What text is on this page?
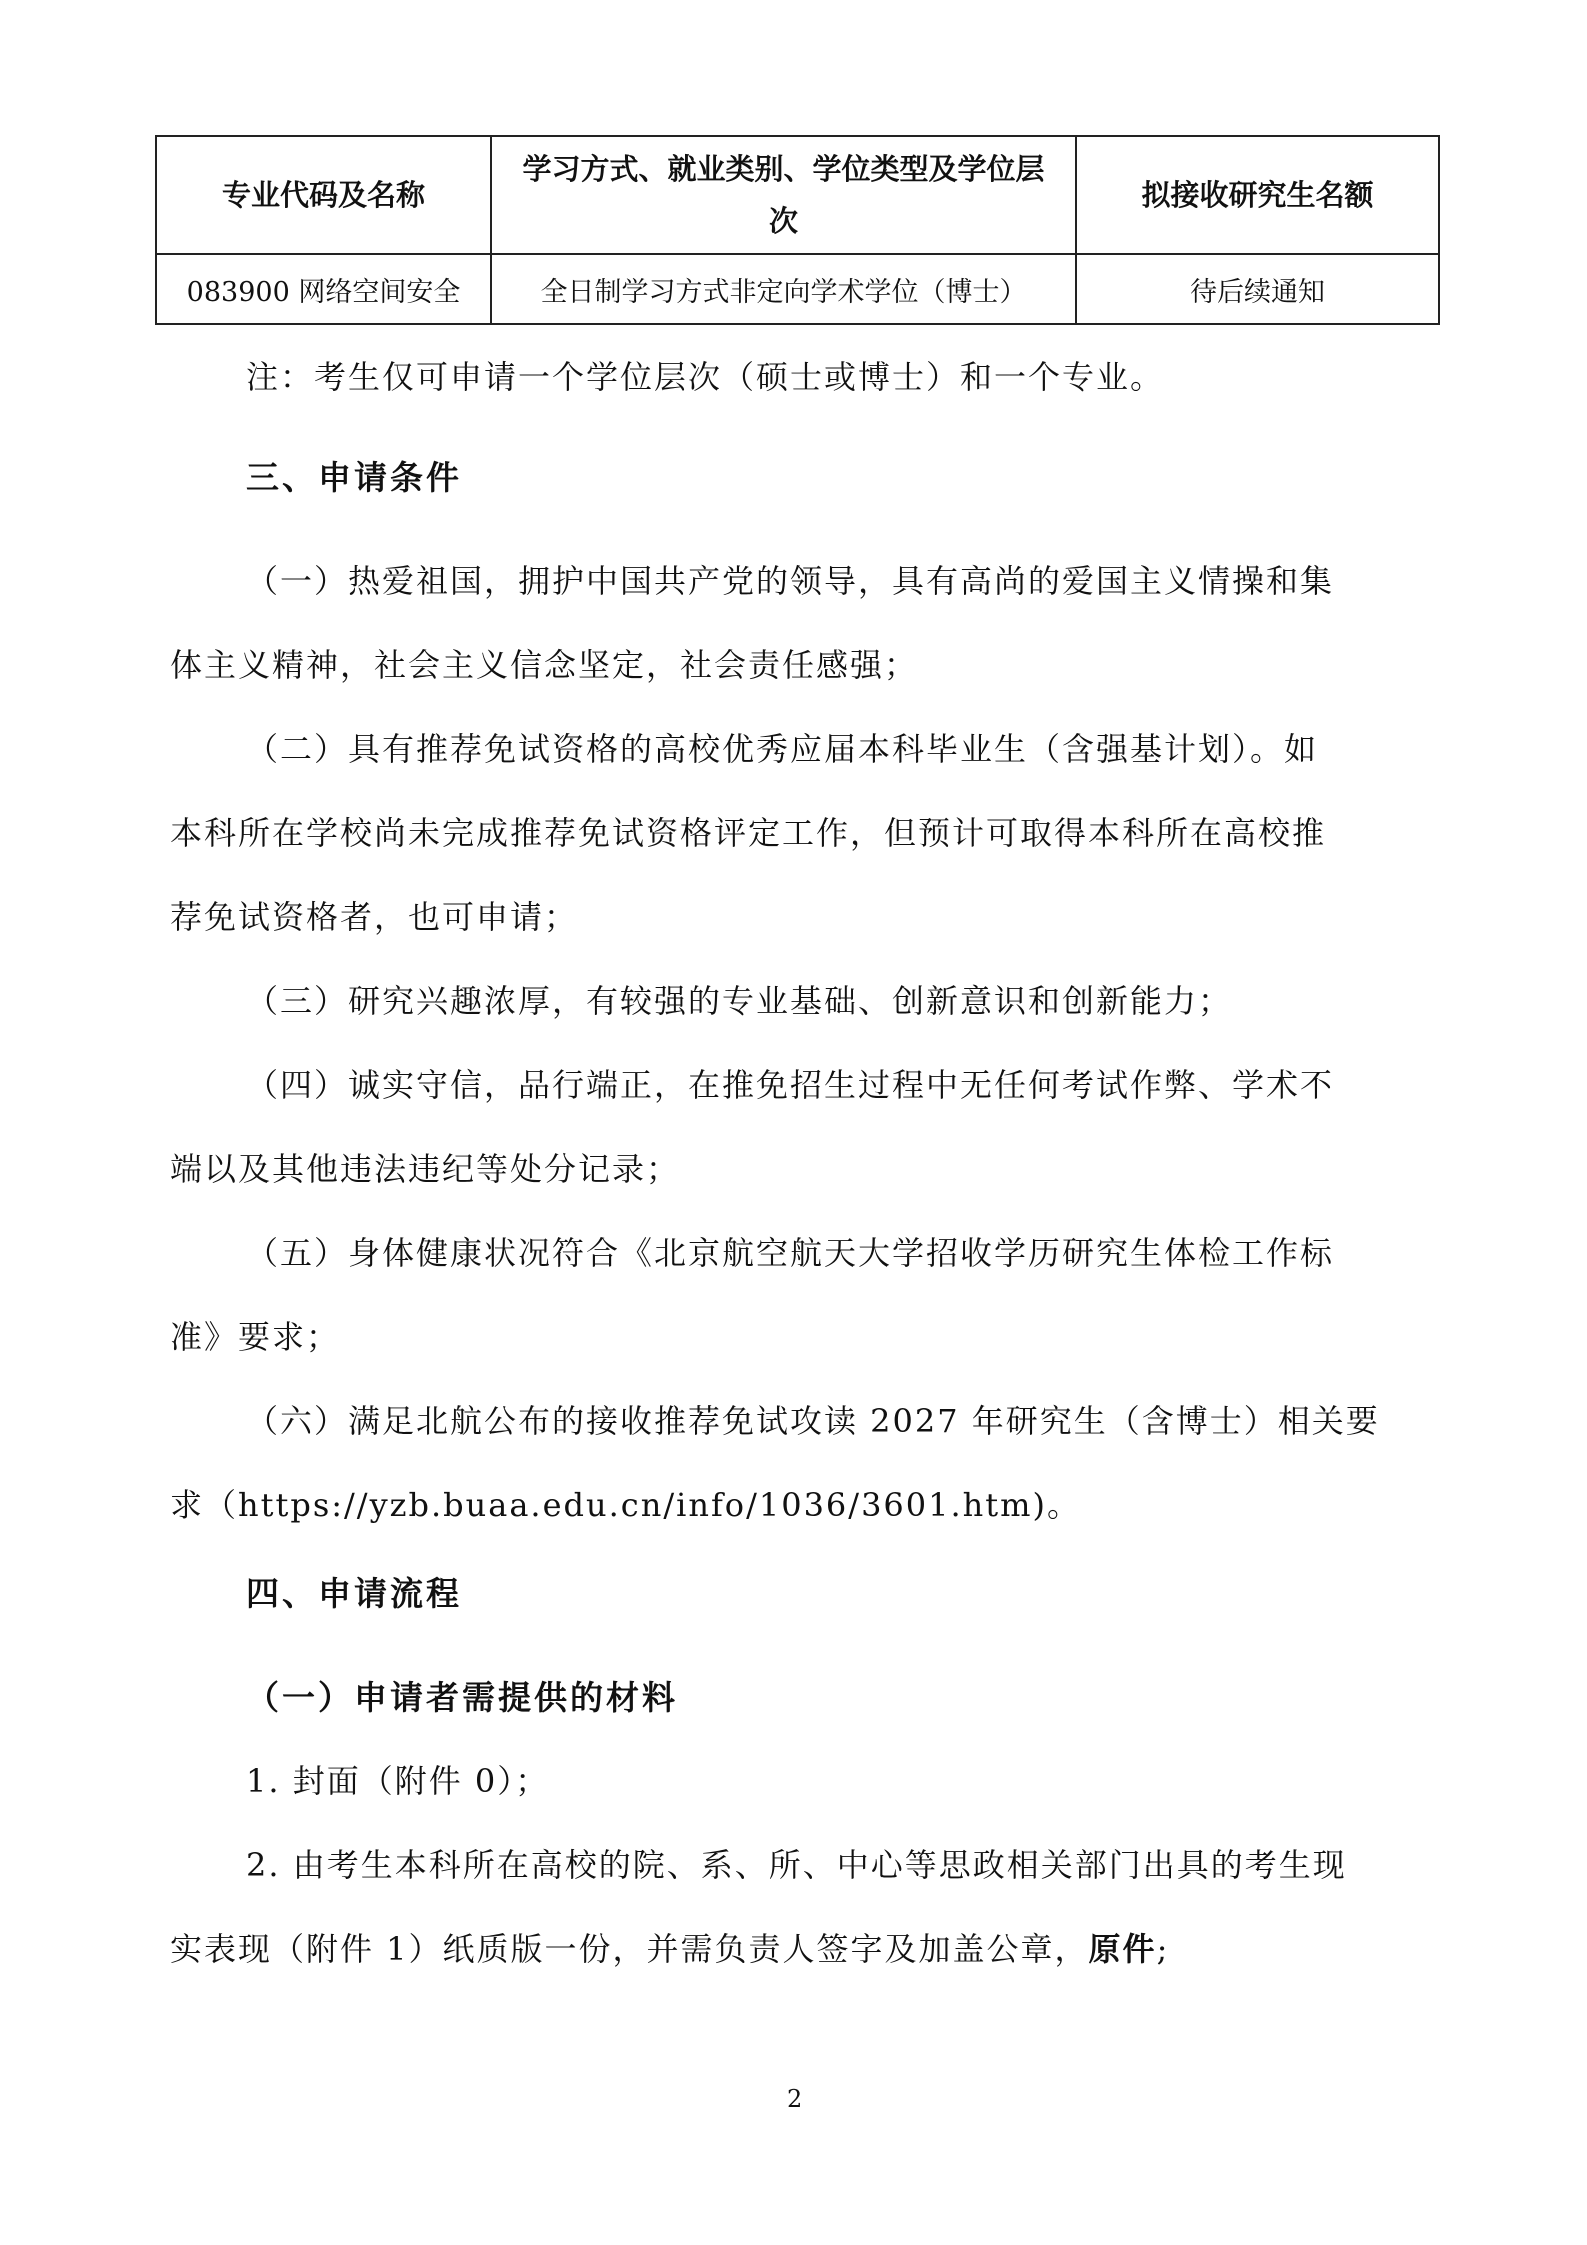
专业代码及名称	学习方式、就业类别、学位类型及学位层次	拟接收研究生名额
083900 网络空间安全	全日制学习方式非定向学术学位（博士）	待后续通知
注：考生仅可申请一个学位层次（硕士或博士）和一个专业。
三、申请条件
（一）热爱祖国，拥护中国共产党的领导，具有高尚的爱国主义情操和集
体主义精神，社会主义信念坚定，社会责任感强；
（二）具有推荐免试资格的高校优秀应届本科毕业生（含强基计划）。如
本科所在学校尚未完成推荐免试资格评定工作，但预计可取得本科所在高校推
荐免试资格者，也可申请；
（三）研究兴趣浓厚，有较强的专业基础、创新意识和创新能力；
（四）诚实守信，品行端正，在推免招生过程中无任何考试作弊、学术不
端以及其他违法违纪等处分记录；
（五）身体健康状况符合《北京航空航天大学招收学历研究生体检工作标
准》要求；
（六）满足北航公布的接收推荐免试攻读 2027 年研究生（含博士）相关要
求（https://yzb.buaa.edu.cn/info/1036/3601.htm)。
四、申请流程
（一）申请者需提供的材料
1. 封面（附件 0）；
2. 由考生本科所在高校的院、系、所、中心等思政相关部门出具的考生现
实表现（附件 1）纸质版一份，并需负责人签字及加盖公章，原件;
2
